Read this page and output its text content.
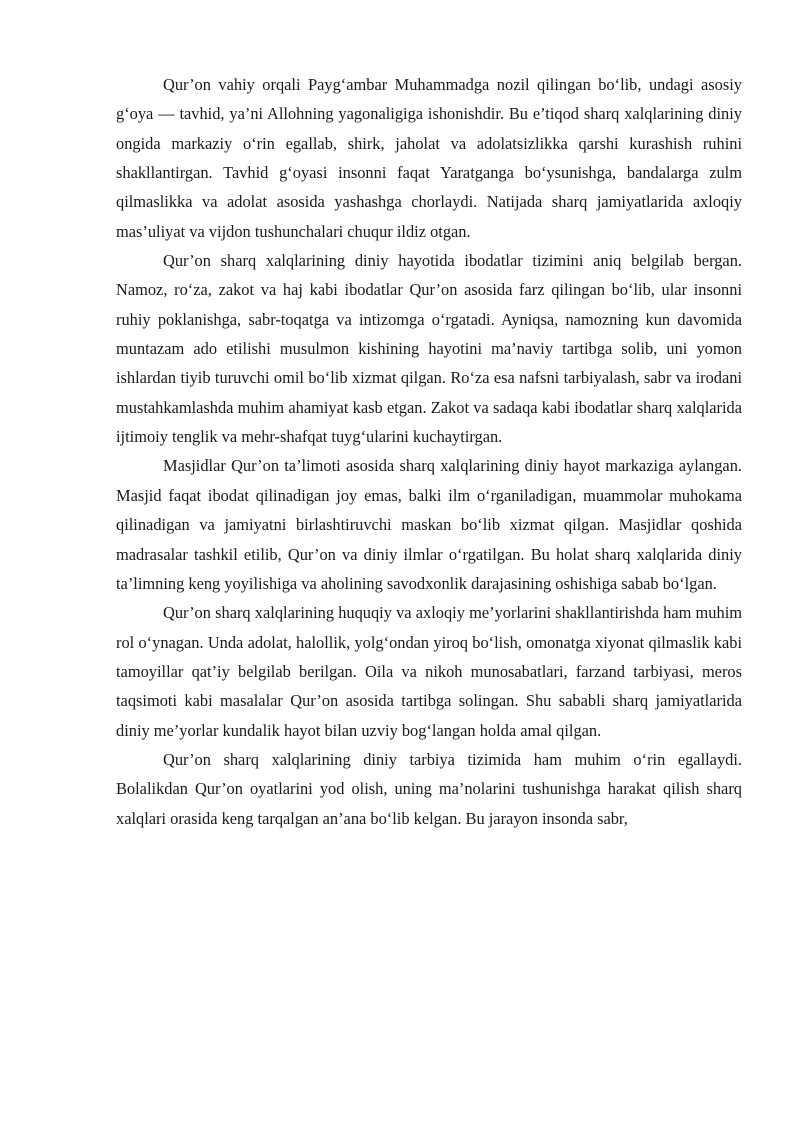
Qur’on vahiy orqali Payg‘ambar Muhammadga nozil qilingan bo‘lib, undagi asosiy g‘oya — tavhid, ya’ni Allohning yagonaligiga ishonishdir. Bu e’tiqod sharq xalqlarining diniy ongida markaziy o‘rin egallab, shirk, jaholat va adolatsizlikka qarshi kurashish ruhini shakllantirgan. Tavhid g‘oyasi insonni faqat Yaratganga bo‘ysunishga, bandalarga zulm qilmaslikka va adolat asosida yashashga chorlaydi. Natijada sharq jamiyatlarida axloqiy mas’uliyat va vijdon tushunchalari chuqur ildiz otgan.

Qur’on sharq xalqlarining diniy hayotida ibodatlar tizimini aniq belgilab bergan. Namoz, ro‘za, zakot va haj kabi ibodatlar Qur’on asosida farz qilingan bo‘lib, ular insonni ruhiy poklanishga, sabr-toqatga va intizomga o‘rgatadi. Ayniqsa, namozning kun davomida muntazam ado etilishi musulmon kishining hayotini ma’naviy tartibga solib, uni yomon ishlardan tiyib turuvchi omil bo‘lib xizmat qilgan. Ro‘za esa nafsni tarbiyalash, sabr va irodani mustahkamlashda muhim ahamiyat kasb etgan. Zakot va sadaqa kabi ibodatlar sharq xalqlarida ijtimoiy tenglik va mehr-shafqat tuyg‘ularini kuchaytirgan.

Masjidlar Qur’on ta’limoti asosida sharq xalqlarining diniy hayot markaziga aylangan. Masjid faqat ibodat qilinadigan joy emas, balki ilm o‘rganiladigan, muammolar muhokama qilinadigan va jamiyatni birlashtiruvchi maskan bo‘lib xizmat qilgan. Masjidlar qoshida madrasalar tashkil etilib, Qur’on va diniy ilmlar o‘rgatilgan. Bu holat sharq xalqlarida diniy ta’limning keng yoyilishiga va aholining savodxonlik darajasining oshishiga sabab bo‘lgan.

Qur’on sharq xalqlarining huquqiy va axloqiy me’yorlarini shakllantirishda ham muhim rol o‘ynagan. Unda adolat, halollik, yolg‘ondan yiroq bo‘lish, omonatga xiyonat qilmaslik kabi tamoyillar qat’iy belgilab berilgan. Oila va nikoh munosabatlari, farzand tarbiyasi, meros taqsimoti kabi masalalar Qur’on asosida tartibga solingan. Shu sababli sharq jamiyatlarida diniy me’yorlar kundalik hayot bilan uzviy bog‘langan holda amal qilgan.

Qur’on sharq xalqlarining diniy tarbiya tizimida ham muhim o‘rin egallaydi. Bolalikdan Qur’on oyatlarini yod olish, uning ma’nolarini tushunishga harakat qilish sharq xalqlari orasida keng tarqalgan an’ana bo‘lib kelgan. Bu jarayon insonda sabr,
